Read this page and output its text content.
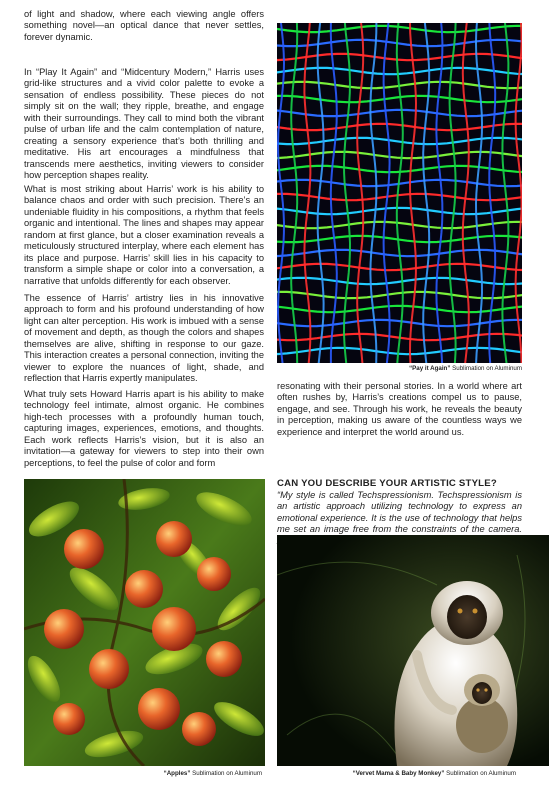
of light and shadow, where each viewing angle offers something novel—an optical dance that never settles, forever dynamic.

In “Play It Again” and “Midcentury Modern,” Harris uses grid-like structures and a vivid color palette to evoke a sensation of endless possibility. These pieces do not simply sit on the wall; they ripple, breathe, and engage with their surroundings. They call to mind both the vibrant pulse of urban life and the calm contemplation of nature, creating a sensory experience that’s both thrilling and meditative. His art encourages a mindfulness that transcends mere aesthetics, inviting viewers to consider how perception shapes reality.

What is most striking about Harris’ work is his ability to balance chaos and order with such precision. There’s an undeniable fluidity in his compositions, a rhythm that feels organic and intentional. The lines and shapes may appear random at first glance, but a closer examination reveals a meticulously structured interplay, where each element has its place and purpose. Harris’ skill lies in his capacity to transform a simple shape or color into a conversation, a narrative that unfolds differently for each observer.

The essence of Harris’ artistry lies in his innovative approach to form and his profound understanding of how light can alter perception. His work is imbued with a sense of movement and depth, as though the colors and shapes themselves are alive, shifting in response to our gaze. This interaction creates a personal connection, inviting the viewer to explore the nuances of light, shade, and reflection that Harris expertly manipulates.

What truly sets Howard Harris apart is his ability to make technology feel intimate, almost organic. He combines high-tech processes with a profoundly human touch, capturing images, experiences, emotions, and thoughts. Each work reflects Harris’s vision, but it is also an invitation—a gateway for viewers to step into their own perceptions, to feel the pulse of color and form

resonating with their personal stories. In a world where art often rushes by, Harris’s creations compel us to pause, engage, and see. Through his work, he reveals the beauty in perception, making us aware of the countless ways we experience and interpret the world around us.

CAN YOU DESCRIBE YOUR ARTISTIC STYLE?

“My style is called Techspressionism. Techspressionism is an artistic approach utilizing technology to express an emotional experience. It is the use of technology that helps me set an image free from the constraints of the camera.

“Pay it Again” Sublimation on Aluminum
“Apples” Sublimation on Aluminum	“Vervet Mama & Baby Monkey” Sublimation on Aluminum
